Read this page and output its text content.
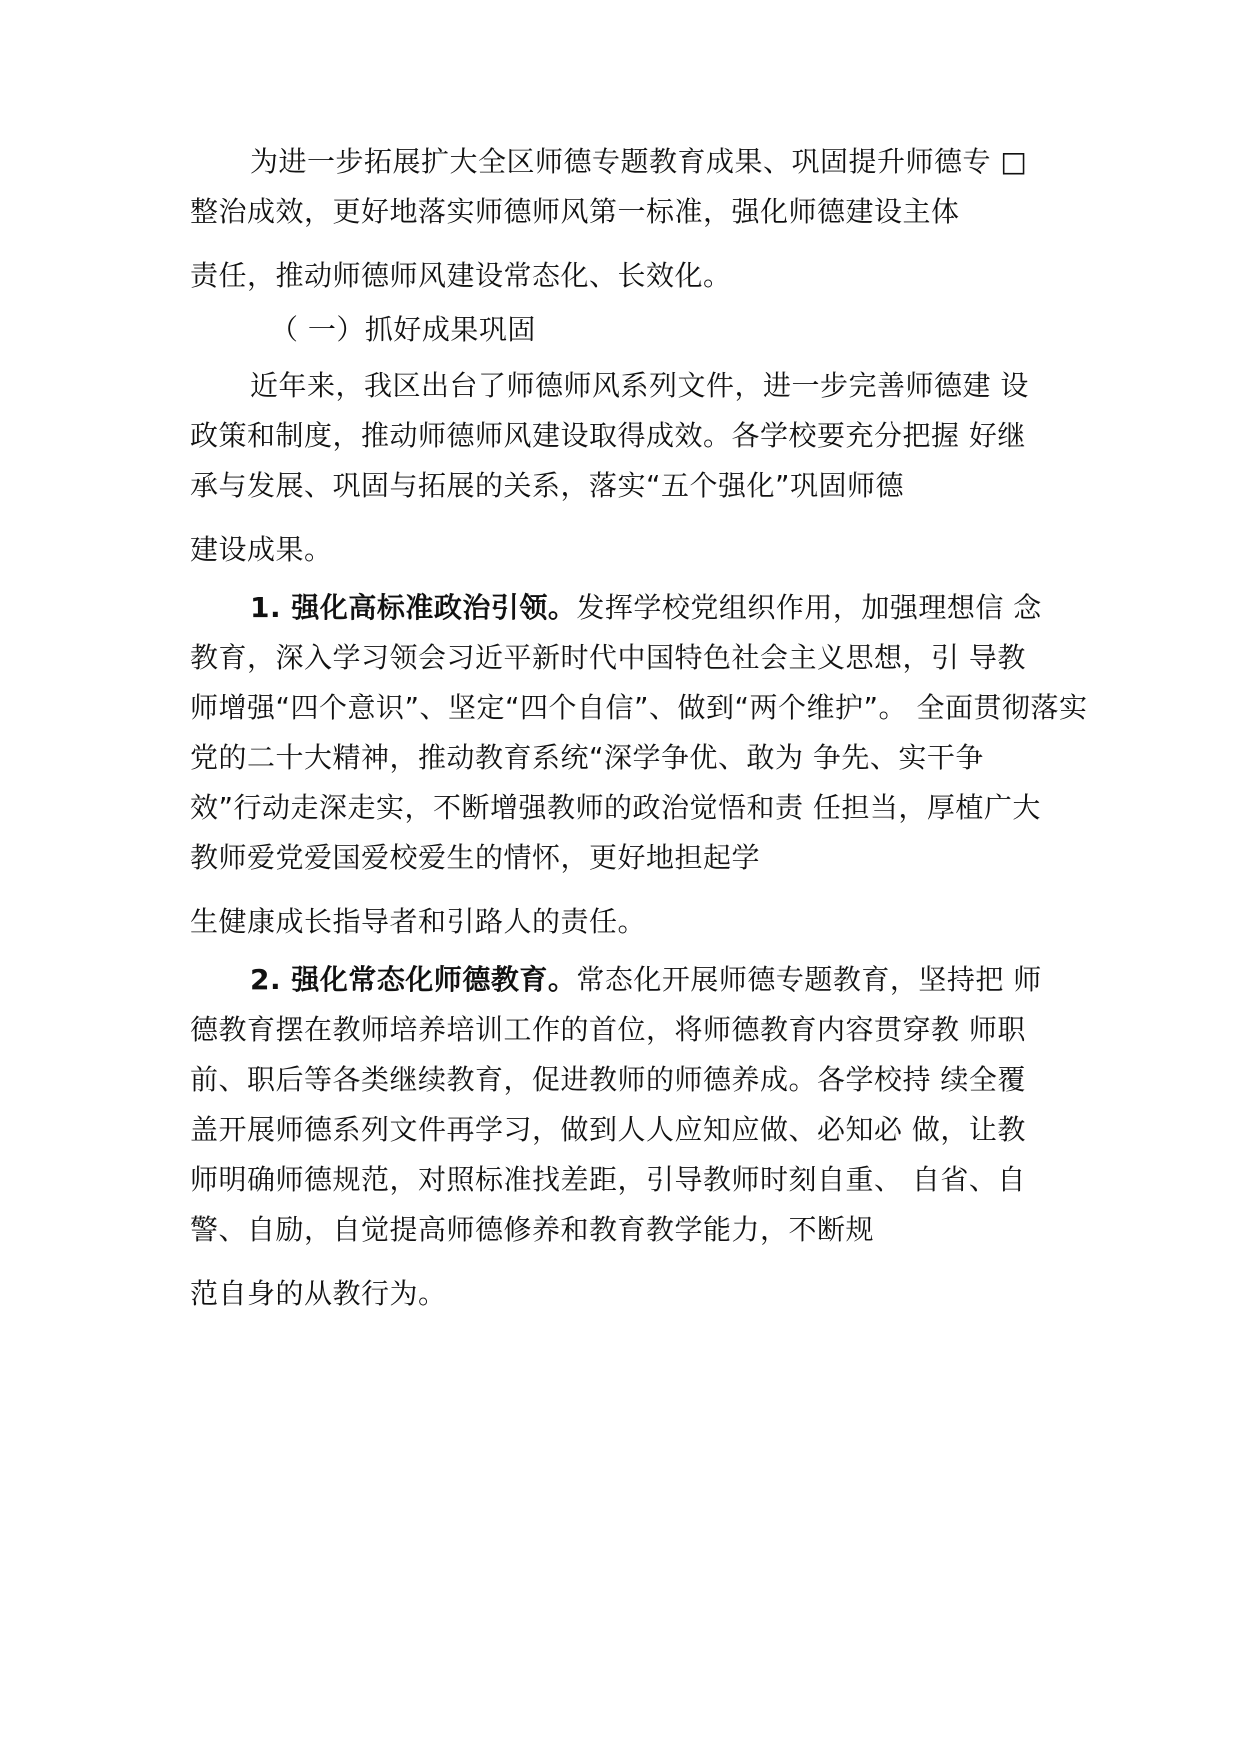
为进一步拓展扩大全区师德专题教育成果、巩固提升师德专 □
整治成效，更好地落实师德师风第一标准，强化师德建设主体
责任，推动师德师风建设常态化、长效化。
（ 一）抓好成果巩固
近年来，我区出台了师德师风系列文件，进一步完善师德建 设
政策和制度，推动师德师风建设取得成效。各学校要充分把握 好继
承与发展、巩固与拓展的关系，落实“五个强化”巩固师德
建设成果。
1. 强化高标准政治引领。发挥学校党组织作用，加强理想信 念
教育，深入学习领会习近平新时代中国特色社会主义思想，引 导教
师增强“四个意识”、坚定“四个自信”、做到“两个维护”。 全面贯彻落实
党的二十大精神，推动教育系统“深学争优、敢为 争先、实干争
效”行动走深走实，不断增强教师的政治觉悟和责 任担当，厚植广大
教师爱党爱国爱校爱生的情怀，更好地担起学
生健康成长指导者和引路人的责任。
2. 强化常态化师德教育。常态化开展师德专题教育，坚持把 师
德教育摆在教师培养培训工作的首位，将师德教育内容贯穿教 师职
前、职后等各类继续教育，促进教师的师德养成。各学校持 续全覆
盖开展师德系列文件再学习，做到人人应知应做、必知必 做，让教
师明确师德规范，对照标准找差距，引导教师时刻自重、 自省、自
警、自励，自觉提高师德修养和教育教学能力，不断规
范自身的从教行为。
